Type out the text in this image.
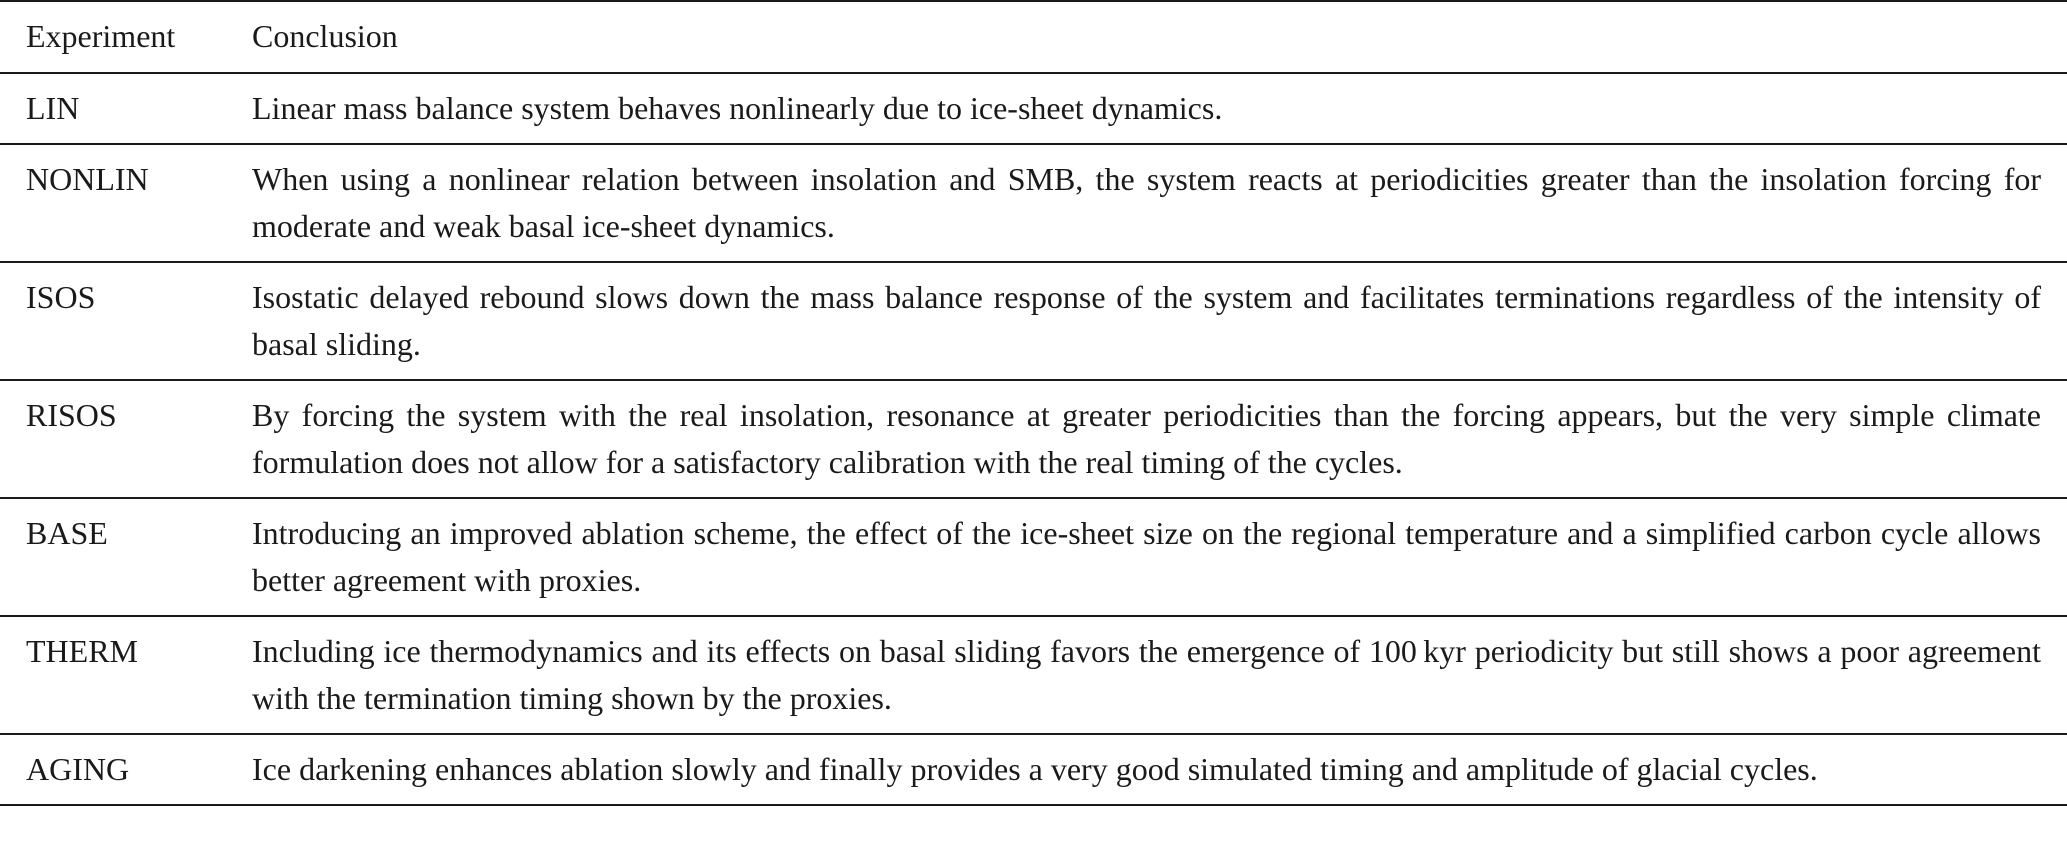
Experiment	Conclusion
LIN	Linear mass balance system behaves nonlinearly due to ice-sheet dynamics.
NONLIN	When using a nonlinear relation between insolation and SMB, the system reacts at periodicities greater than the insolation forcing for moderate and weak basal ice-sheet dynamics.
ISOS	Isostatic delayed rebound slows down the mass balance response of the system and facilitates terminations regardless of the intensity of basal sliding.
RISOS	By forcing the system with the real insolation, resonance at greater periodicities than the forcing appears, but the very simple climate formulation does not allow for a satisfactory calibration with the real timing of the cycles.
BASE	Introducing an improved ablation scheme, the effect of the ice-sheet size on the regional temperature and a simplified carbon cycle allows better agreement with proxies.
THERM	Including ice thermodynamics and its effects on basal sliding favors the emergence of 100 kyr periodicity but still shows a poor agreement with the termination timing shown by the proxies.
AGING	Ice darkening enhances ablation slowly and finally provides a very good simulated timing and amplitude of glacial cycles.
